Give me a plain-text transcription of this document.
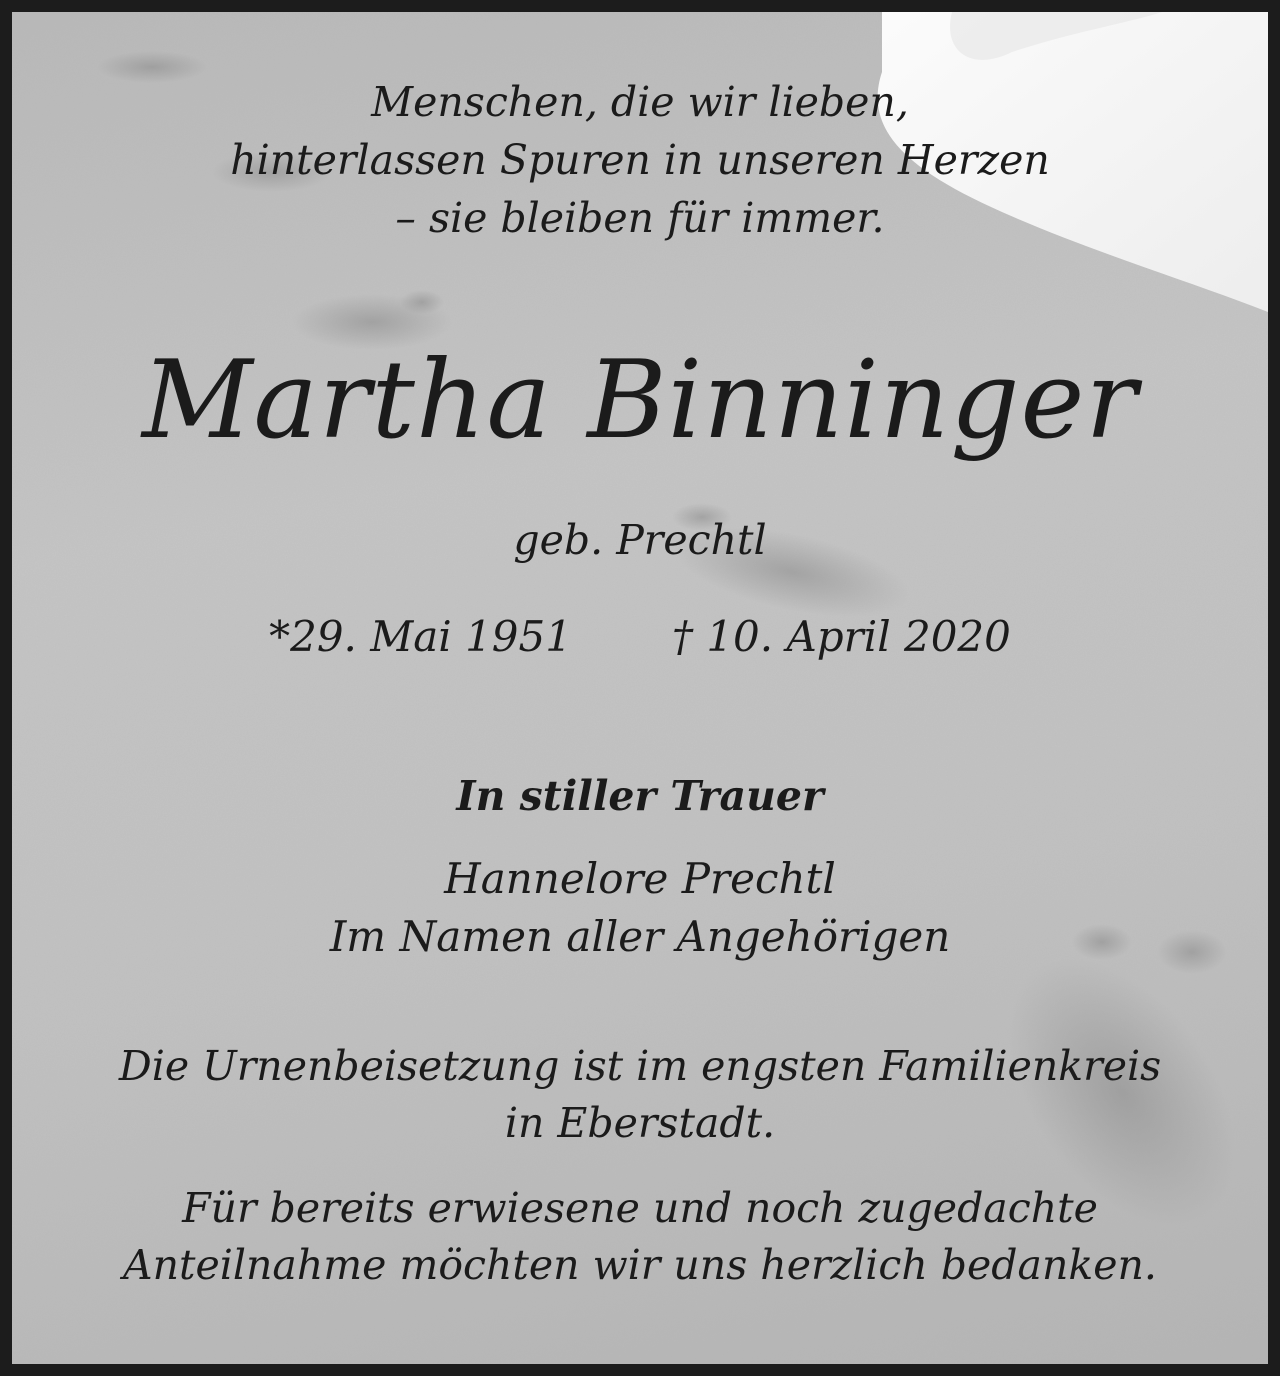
Menschen, die wir lieben,
hinterlassen Spuren in unseren Herzen
– sie bleiben für immer.
Martha Binninger
geb. Prechtl
*29. Mai 1951 † 10. April 2020
In stiller Trauer
Hannelore Prechtl
Im Namen aller Angehörigen
Die Urnenbeisetzung ist im engsten Familienkreis
in Eberstadt.
Für bereits erwiesene und noch zugedachte
Anteilnahme möchten wir uns herzlich bedanken.
